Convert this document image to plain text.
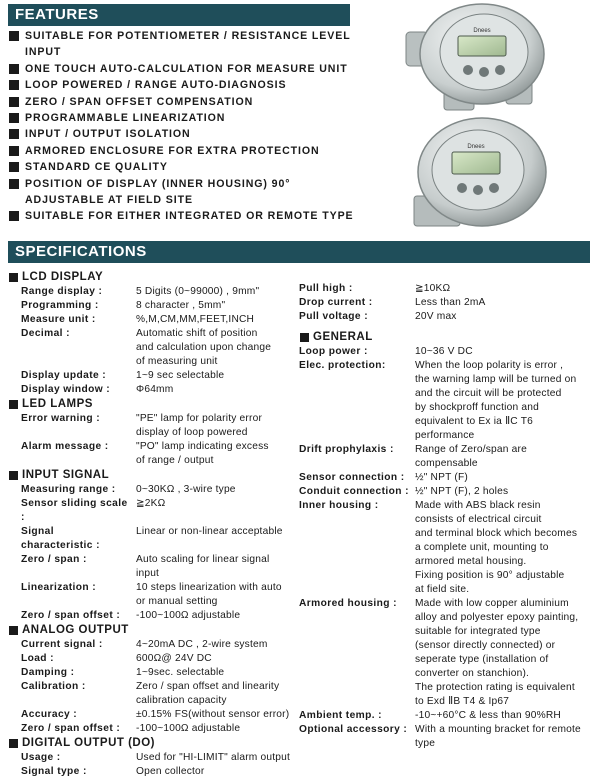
FEATURES
SUITABLE FOR POTENTIOMETER / RESISTANCE LEVEL
INPUT
ONE TOUCH AUTO-CALCULATION FOR MEASURE UNIT
LOOP POWERED / RANGE AUTO-DIAGNOSIS
ZERO / SPAN OFFSET COMPENSATION
PROGRAMMABLE LINEARIZATION
INPUT / OUTPUT ISOLATION
ARMORED ENCLOSURE FOR EXTRA PROTECTION
STANDARD CE QUALITY
POSITION OF DISPLAY (INNER HOUSING) 90°
ADJUSTABLE AT FIELD SITE
SUITABLE FOR EITHER INTEGRATED OR REMOTE TYPE
Dnees
Dnees
SPECIFICATIONS
LCD DISPLAY
Range display :	5 Digits (0~99000) , 9mm"
Programming :	8 character , 5mm"
Measure unit :	%,M,CM,MM,FEET,INCH
Decimal :	Automatic shift of position
and calculation upon change
of measuring unit
Display update :	1~9 sec selectable
Display window :	Φ64mm
LED LAMPS
Error warning :	"PE" lamp for polarity error
display of loop powered
Alarm message :	"PO" lamp indicating excess
of range / output
INPUT SIGNAL
Measuring range :	0~30KΩ , 3-wire type
Sensor sliding scale :
≧2KΩ
Signal characteristic :
Linear or non-linear acceptable
Zero / span :	Auto scaling for linear signal
input
Linearization :	10 steps linearization with auto
or manual setting
Zero / span offset :	-100~100Ω adjustable
ANALOG OUTPUT
Current signal :	4~20mA DC , 2-wire system
Load :	600Ω@ 24V DC
Damping :	1~9sec. selectable
Calibration :	Zero / span offset and linearity
calibration capacity
Accuracy :	±0.15% FS(without sensor error)
Zero / span offset :	-100~100Ω adjustable
DIGITAL OUTPUT (DO)
Usage :	Used for "HI-LIMIT" alarm output
Signal type :	Open collector
Pull high :	≧10KΩ
Drop current :	Less than 2mA
Pull voltage :	20V max
GENERAL
Loop power :	10~36 V DC
Elec. protection:	When the loop polarity is error ,
the warning lamp will be turned on
and the circuit will be protected
by shockproff function and
equivalent to Ex ia ⅡC T6
performance
Drift prophylaxis :	Range of Zero/span are
compensable
Sensor connection :	½" NPT (F)
Conduit connection : ½" NPT (F), 2 holes
Inner housing :	Made with ABS black resin
consists of electrical circuit
and terminal block which becomes
a complete unit, mounting to
armored metal housing.
Fixing position is 90° adjustable
at field site.
Armored housing :	Made with low copper aluminium
alloy and polyester epoxy painting,
suitable for integrated type
(sensor directly connected) or
seperate type (installation of
converter on stanchion).
The protection rating is equivalent
to Exd ⅡB T4 & Ip67
Ambient temp. :	-10~+60°C & less than 90%RH
Optional accessory : With a mounting bracket for remote
type
